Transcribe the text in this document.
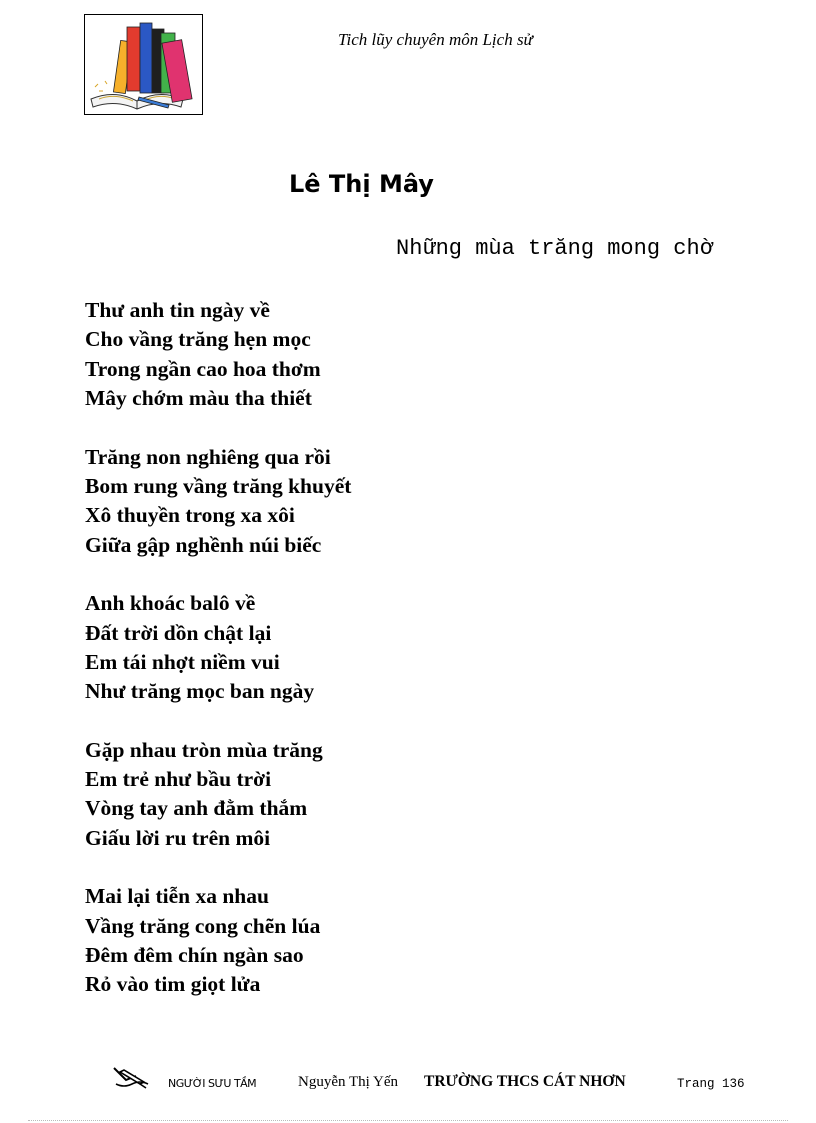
Tich lũy chuyên môn Lịch sử
Lê Thị Mây
Những mùa trăng mong chờ
Thư anh tin ngày về
Cho vầng trăng hẹn mọc
Trong ngần cao hoa thơm
Mây chớm màu tha thiết
Trăng non nghiêng qua rồi
Bom rung vầng trăng khuyết
Xô thuyền trong xa xôi
Giữa gập nghềnh núi biếc
Anh khoác balô về
Đất trời dồn chật lại
Em tái nhợt niềm vui
Như trăng mọc ban ngày
Gặp nhau tròn mùa trăng
Em trẻ như bầu trời
Vòng tay anh đằm thắm
Giấu lời ru trên môi
Mai lại tiễn xa nhau
Vầng trăng cong chẽn lúa
Đêm đêm chín ngàn sao
Rỏ vào tim giọt lửa
NGƯỜI SƯU TẦM	Nguyễn Thị Yến TRƯỜNG THCS CÁT NHƠN	Trang 136
